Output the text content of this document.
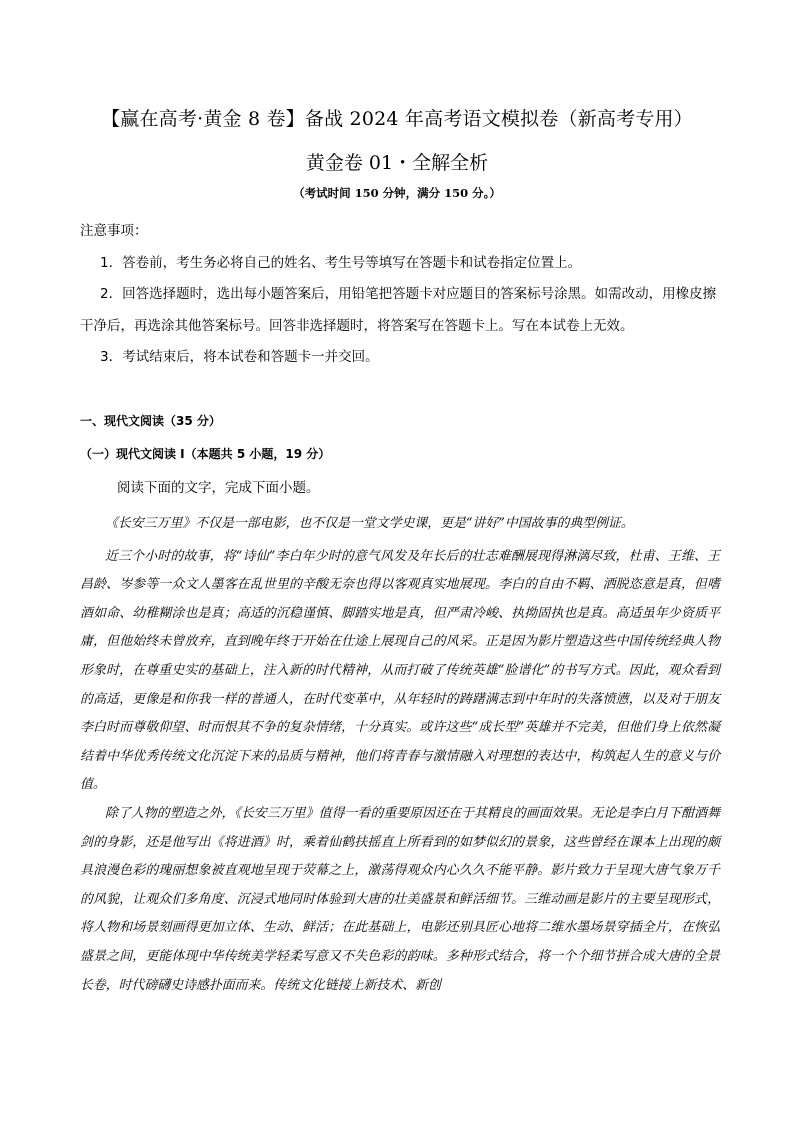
【赢在高考·黄金 8 卷】备战 2024 年高考语文模拟卷（新高考专用）
黄金卷 01・全解全析
（考试时间 150 分钟，满分 150 分。）

注意事项：

1．答卷前，考生务必将自己的姓名、考生号等填写在答题卡和试卷指定位置上。

2．回答选择题时，选出每小题答案后，用铅笔把答题卡对应题目的答案标号涂黑。如需改动，用橡皮擦干净后，再选涂其他答案标号。回答非选择题时，将答案写在答题卡上。写在本试卷上无效。

3．考试结束后，将本试卷和答题卡一并交回。

一、现代文阅读（35 分）
（一）现代文阅读 I（本题共 5 小题，19 分）
阅读下面的文字，完成下面小题。

《长安三万里》不仅是一部电影，也不仅是一堂文学史课，更是“讲好”中国故事的典型例证。

近三个小时的故事，将“诗仙”李白年少时的意气风发及年长后的壮志难酬展现得淋漓尽致，杜甫、王维、王昌龄、岑参等一众文人墨客在乱世里的辛酸无奈也得以客观真实地展现。李白的自由不羁、洒脱恣意是真，但嗜酒如命、幼稚糊涂也是真；高适的沉稳谨慎、脚踏实地是真，但严肃冷峻、执拗固执也是真。高适虽年少资质平庸，但他始终未曾放弃，直到晚年终于开始在仕途上展现自己的风采。正是因为影片塑造这些中国传统经典人物形象时，在尊重史实的基础上，注入新的时代精神，从而打破了传统英雄“脸谱化”的书写方式。因此，观众看到的高适，更像是和你我一样的普通人，在时代变革中，从年轻时的踌躇满志到中年时的失落愤懑，以及对于朋友李白时而尊敬仰望、时而恨其不争的复杂情绪，十分真实。或许这些“成长型”英雄并不完美，但他们身上依然凝结着中华优秀传统文化沉淀下来的品质与精神，他们将青春与激情融入对理想的表达中，构筑起人生的意义与价值。

除了人物的塑造之外，《长安三万里》值得一看的重要原因还在于其精良的画面效果。无论是李白月下酣酒舞剑的身影，还是他写出《将进酒》时，乘着仙鹤扶摇直上所看到的如梦似幻的景象，这些曾经在课本上出现的颇具浪漫色彩的瑰丽想象被直观地呈现于荧幕之上，激荡得观众内心久久不能平静。影片致力于呈现大唐气象万千的风貌，让观众们多角度、沉浸式地同时体验到大唐的壮美盛景和鲜活细节。三维动画是影片的主要呈现形式，将人物和场景刻画得更加立体、生动、鲜活；在此基础上，电影还别具匠心地将二维水墨场景穿插全片，在恢弘盛景之间，更能体现中华传统美学轻柔写意又不失色彩的韵味。多种形式结合，将一个个细节拼合成大唐的全景长卷，时代磅礴史诗感扑面而来。传统文化链接上新技术、新创
